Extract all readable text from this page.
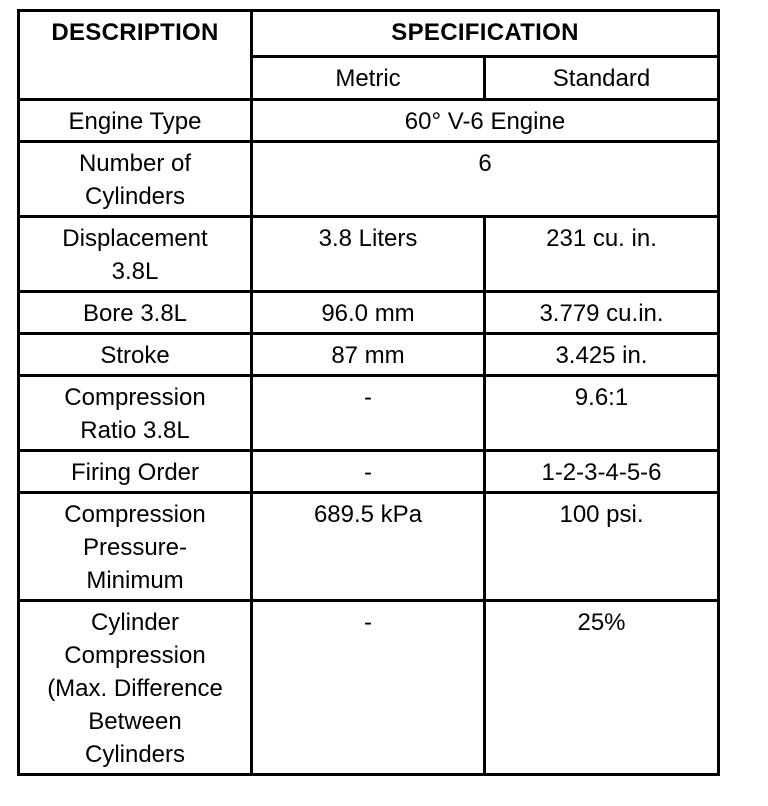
DESCRIPTION	SPECIFICATION	
	Metric	Standard
Engine Type	60° V-6 Engine	
Number of
Cylinders	6	
Displacement
3.8L	3.8 Liters	231 cu. in.
Bore 3.8L	96.0 mm	3.779 cu.in.
Stroke	87 mm	3.425 in.
Compression
Ratio 3.8L	-	9.6:1
Firing Order	-	1-2-3-4-5-6
Compression
Pressure-
Minimum	689.5 kPa	100 psi.
Cylinder
Compression
(Max. Difference
Between
Cylinders	-	25%
